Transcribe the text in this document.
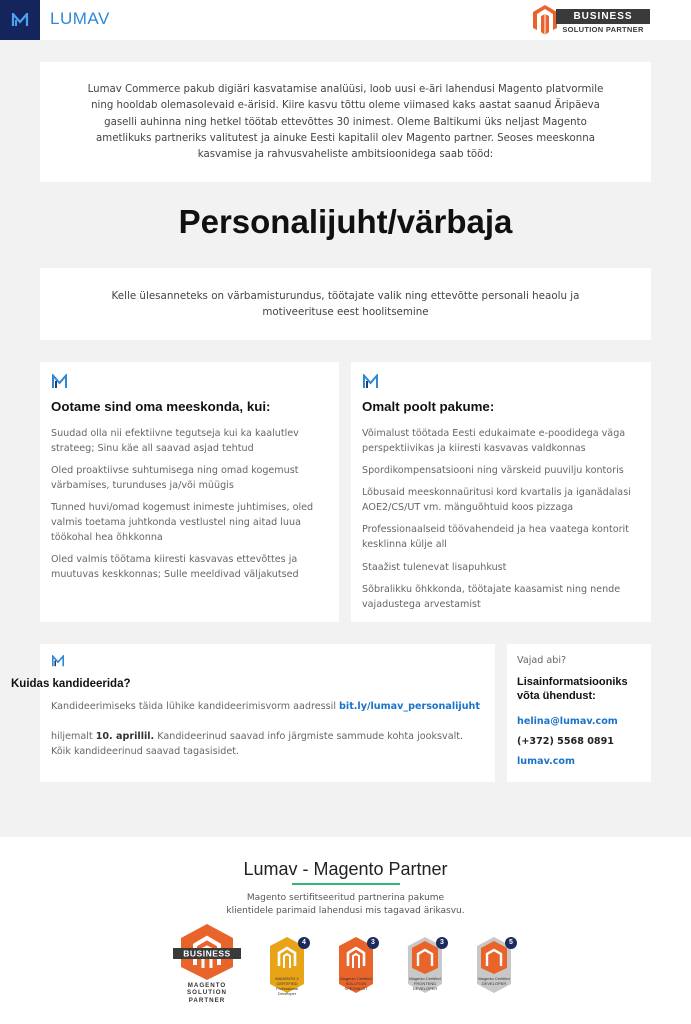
LUMAV	BUSINESS
SOLUTION PARTNER

Lumav Commerce pakub digiäri kasvatamise analüüsi, loob uusi e-äri lahendusi Magento platvormile ning hooldab olemasolevaid e-ärisid. Kiire kasvu tõttu oleme viimased kaks aastat saanud Äripäeva gaselli auhinna ning hetkel töötab ettevõttes 30 inimest. Oleme Baltikumi üks neljast Magento ametlikuks partneriks valitutest ja ainuke Eesti kapitalil olev Magento partner. Seoses meeskonna kasvamise ja rahvusvaheliste ambitsioonidega saab tööd:

Personalijuht/värbaja

Kelle ülesanneteks on värbamisturundus, töötajate valik ning ettevõtte personali heaolu ja motiveerituse eest hoolitsemine

Ootame sind oma meeskonda, kui:
Suudad olla nii efektiivne tegutseja kui ka kaalutlev strateeg; Sinu käe all saavad asjad tehtud
Oled proaktiivse suhtumisega ning omad kogemust värbamises, turunduses ja/või müügis
Tunned huvi/omad kogemust inimeste juhtimises, oled valmis toetama juhtkonda vestlustel ning aitad luua töökohal hea õhkkonna
Oled valmis töötama kiiresti kasvavas ettevõttes ja muutuvas keskkonnas; Sulle meeldivad väljakutsed
Omalt poolt pakume:
Võimalust töötada Eesti edukaimate e-poodidega väga perspektiivikas ja kiiresti kasvavas valdkonnas
Spordikompensatsiooni ning värskeid puuvilju kontoris
Lõbusaid meeskonnaüritusi kord kvartalis ja iganädalasi AOE2/CS/UT vm. mänguõhtuid koos pizzaga
Professionaalseid töövahendeid ja hea vaatega kontorit kesklinna külje all
Staažist tulenevat lisapuhkust
Sõbralikku õhkkonda, töötajate kaasamist ning nende vajadustega arvestamist
Kuidas kandideerida?
Kandideerimiseks täida lühike kandideerimisvorm aadressil bit.ly/lumav_personalijuht
hiljemalt 10. aprillil. Kandideerinud saavad info järgmiste sammude kohta jooksvalt.
Kõik kandideerinud saavad tagasisidet.
Vajad abi?
Lisainformatsiooniks võta ühendust:
helina@lumav.com
(+372) 5568 0891
lumav.com
Lumav - Magento Partner
Magento sertifitseeritud partnerina pakume
klientidele parimaid lahendusi mis tagavad ärikasvu.
BUSINESS
MAGENTO
SOLUTION
PARTNER
4
MAGENTO 2 CERTIFIED Professional Developer
3
Magento Certified SOLUTION SPECIALIST
3
Magento Certified FRONTEND DEVELOPER
5
Magento Certified DEVELOPER
